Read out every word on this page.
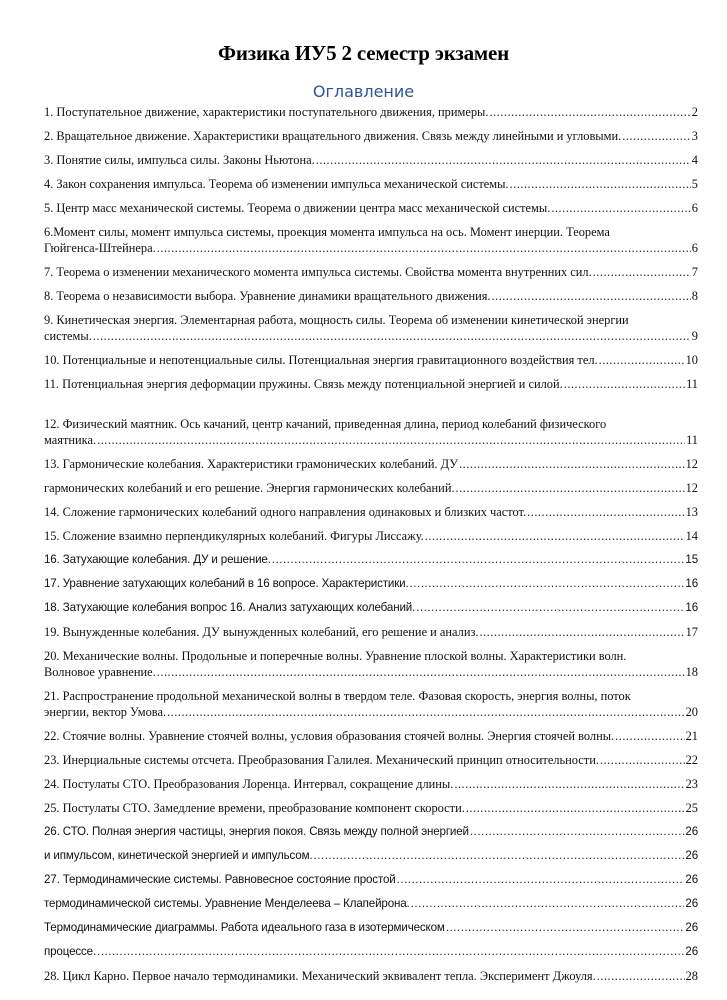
Физика ИУ5 2 семестр экзамен
Оглавление
1. Поступательное движение, характеристики поступательного движения, примеры. .....	2
2. Вращательное движение. Характеристики вращательного движения. Связь между линейными и угловыми. .....	3
3. Понятие силы, импульса силы. Законы Ньютона. .....	4
4. Закон сохранения импульса. Теорема об изменении импульса механической системы. .....	5
5. Центр масс механической системы. Теорема о движении центра масс механической системы. .....	6
6.Момент силы, момент импульса системы, проекция момента импульса на ось. Момент инерции. Теорема
Гюйгенса-Штейнера. .....	6
7. Теорема о изменении механического момента импульса системы. Свойства момента внутренних сил. .....	7
8. Теорема о независимости выбора. Уравнение динамики вращательного движения. .....	8
9. Кинетическая энергия. Элементарная работа, мощность силы. Теорема об изменении кинетической энергии
системы. .....	9
10. Потенциальные и непотенциальные силы. Потенциальная энергия гравитационного воздействия тел. .....	10
11. Потенциальная энергия деформации пружины. Связь между потенциальной энергией и силой. .....	11
12. Физический маятник. Ось качаний, центр качаний, приведенная длина, период колебаний физического
маятника. .....	11
13. Гармонические колебания. Характеристики грамонических колебаний. ДУ .....	12
гармонических колебаний и его решение. Энергия гармонических колебаний. .....	12
14. Сложение гармонических колебаний одного направления одинаковых и близких частот. .....	13
15. Сложение взаимно перпендикулярных колебаний. Фигуры Лиссажу. .....	14
16. Затухающие колебания. ДУ и решение. .....	15
17. Уравнение затухающих колебаний в 16 вопросе. Характеристики. .....	16
18. Затухающие колебания вопрос 16. Анализ затухающих колебаний. .....	16
19. Вынужденные колебания. ДУ вынужденных колебаний, его решение и анализ. .....	17
20. Механические волны. Продольные и поперечные волны. Уравнение плоской волны. Характеристики волн.
Волновое уравнение. .....	18
21. Распространение продольной механической волны в твердом теле. Фазовая скорость, энергия волны, поток
энергии, вектор Умова. .....	20
22. Стоячие волны. Уравнение стоячей волны, условия образования стоячей волны. Энергия стоячей волны. .....	21
23. Инерциальные системы отсчета. Преобразования Галилея. Механический принцип относительности. .....	22
24. Постулаты СТО. Преобразования Лоренца. Интервал, сокращение длины. .....	23
25. Постулаты СТО. Замедление времени, преобразование компонент скорости. .....	25
26. СТО. Полная энергия частицы, энергия покоя. Связь между полной энергией .....	26
и ипмульсом, кинетической энергией и импульсом. .....	26
27. Термодинамические системы. Равновесное состояние простой .....	26
термодинамической системы. Уравнение Менделеева – Клапейрона. .....	26
Термодинамические диаграммы. Работа идеального газа в изотермическом .....	26
процессе. .....	26
28. Цикл Карно. Первое начало термодинамики. Механический эквивалент тепла. Эксперимент Джоуля. .....	28
